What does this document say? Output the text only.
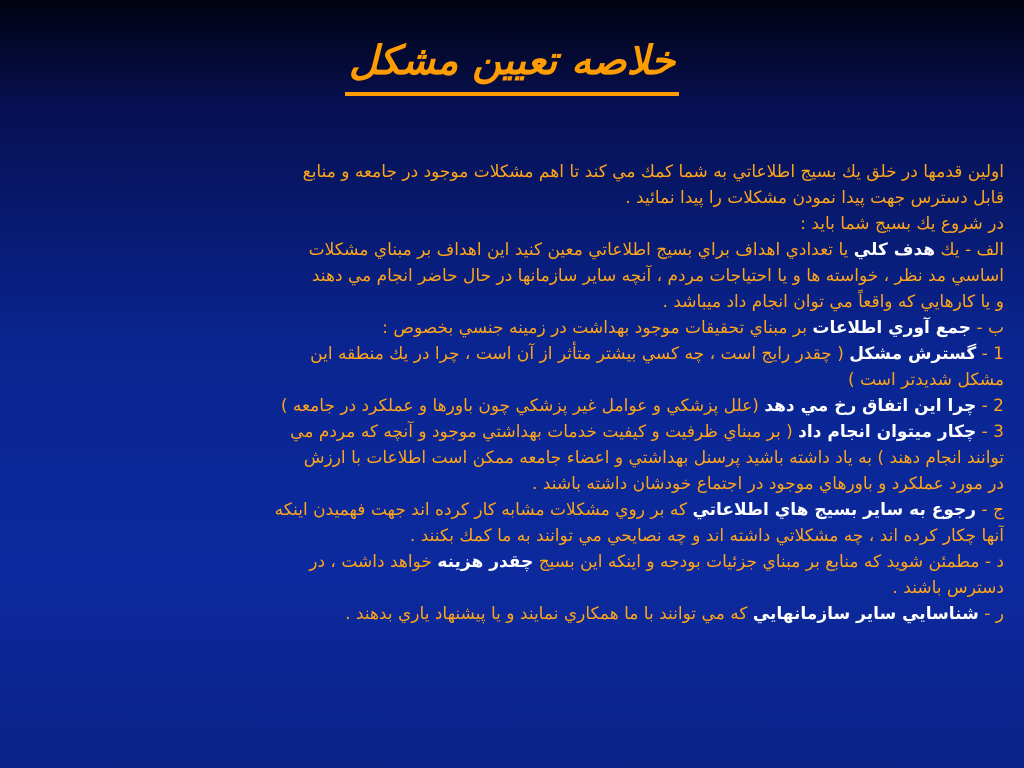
خلاصه تعيين مشكل
اولين قدمها در خلق يك بسيج اطلاعاتي به شما كمك مي كند تا اهم مشكلات موجود در جامعه و منابع
قابل دسترس جهت پيدا نمودن مشكلات را پيدا نمائيد .
در شروع يك بسيج شما بايد :
الف - يك هدف كلي يا تعدادي اهداف براي بسيج اطلاعاتي معين كنيد اين اهداف بر مبناي مشكلات
اساسي مد نظر ، خواسته ها و يا احتياجات مردم ، آنچه ساير سازمانها در حال حاضر انجام مي دهند
و يا كارهايي كه واقعاً مي توان انجام داد ميباشد .
ب - جمع آوري اطلاعات بر مبناي تحقيقات موجود بهداشت در زمينه جنسي بخصوص :
1 - گسترش مشكل ( چقدر رايج است ، چه كسي بيشتر متأثر از آن است ، چرا در يك منطقه اين
مشكل شديدتر است )
2 - چرا اين اتفاق رخ مي دهد (علل پزشكي و عوامل غير پزشكي چون باورها و عملكرد در جامعه )
3 - چكار ميتوان انجام داد ( بر مبناي ظرفيت و كيفيت خدمات بهداشتي موجود و آنچه كه مردم مي
توانند انجام دهند ) به ياد داشته باشيد پرسنل بهداشتي و اعضاء جامعه ممكن است اطلاعات با ارزش
در مورد عملكرد و باورهاي موجود در اجتماع خودشان داشته باشند .
ج - رجوع به ساير بسيج هاي اطلاعاتي كه بر روي مشكلات مشابه كار كرده اند جهت فهميدن اينكه
آنها چكار كرده اند ، چه مشكلاتي داشته اند و چه نصايحي مي توانند به ما كمك بكنند .
د - مطمئن شويد كه منابع بر مبناي جزئيات بودجه و اينكه اين بسيج چقدر هزينه خواهد داشت ، در
دسترس باشند .
ر - شناسايي ساير سازمانهايي كه مي توانند با ما همكاري نمايند و يا پيشنهاد ياري بدهند .
